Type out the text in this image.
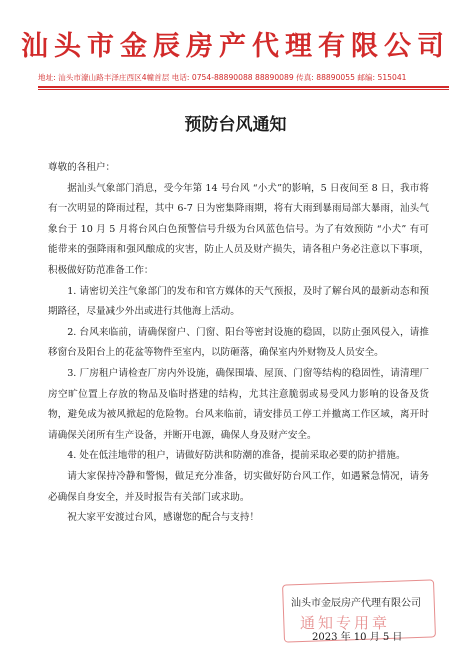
汕头市金辰房产代理有限公司
地址: 汕头市濠山路丰泽庄西区4幢首层 电话: 0754-88890088 88890089 传真: 88890055 邮编: 515041
预防台风通知

尊敬的各租户：

据汕头气象部门消息，受今年第 14 号台风 “小犬”的影响，5 日夜间至 8 日，我市将有一次明显的降雨过程，其中 6-7 日为密集降雨期，将有大雨到暴雨局部大暴雨，汕头气象台于 10 月 5 月将台风白色预警信号升级为台风蓝色信号。为了有效预防 “小犬” 有可能带来的强降雨和强风酿成的灾害，防止人员及财产损失，请各租户务必注意以下事项，积极做好防范准备工作：

1. 请密切关注气象部门的发布和官方媒体的天气预报，及时了解台风的最新动态和预期路径，尽量减少外出或进行其他海上活动。

2. 台风来临前，请确保窗户、门窗、阳台等密封设施的稳固，以防止强风侵入，请推移窗台及阳台上的花盆等物件至室内，以防砸落，确保室内外财物及人员安全。

3. 厂房租户请检查厂房内外设施，确保围墙、屋顶、门窗等结构的稳固性，请清理厂房空旷位置上存放的物品及临时搭建的结构，尤其注意脆弱或易受风力影响的设备及货物，避免成为被风掀起的危险物。台风来临前，请安排员工停工并撤离工作区域，离开时请确保关闭所有生产设备，并断开电源，确保人身及财产安全。

4. 处在低洼地带的租户，请做好防洪和防潮的准备，提前采取必要的防护措施。

请大家保持冷静和警惕，做足充分准备，切实做好防台风工作，如遇紧急情况，请务必确保自身安全，并及时报告有关部门或求助。

祝大家平安渡过台风，感谢您的配合与支持！

汕头市金辰房产代理有限公司
通知专用章
2023 年 10 月 5 日
